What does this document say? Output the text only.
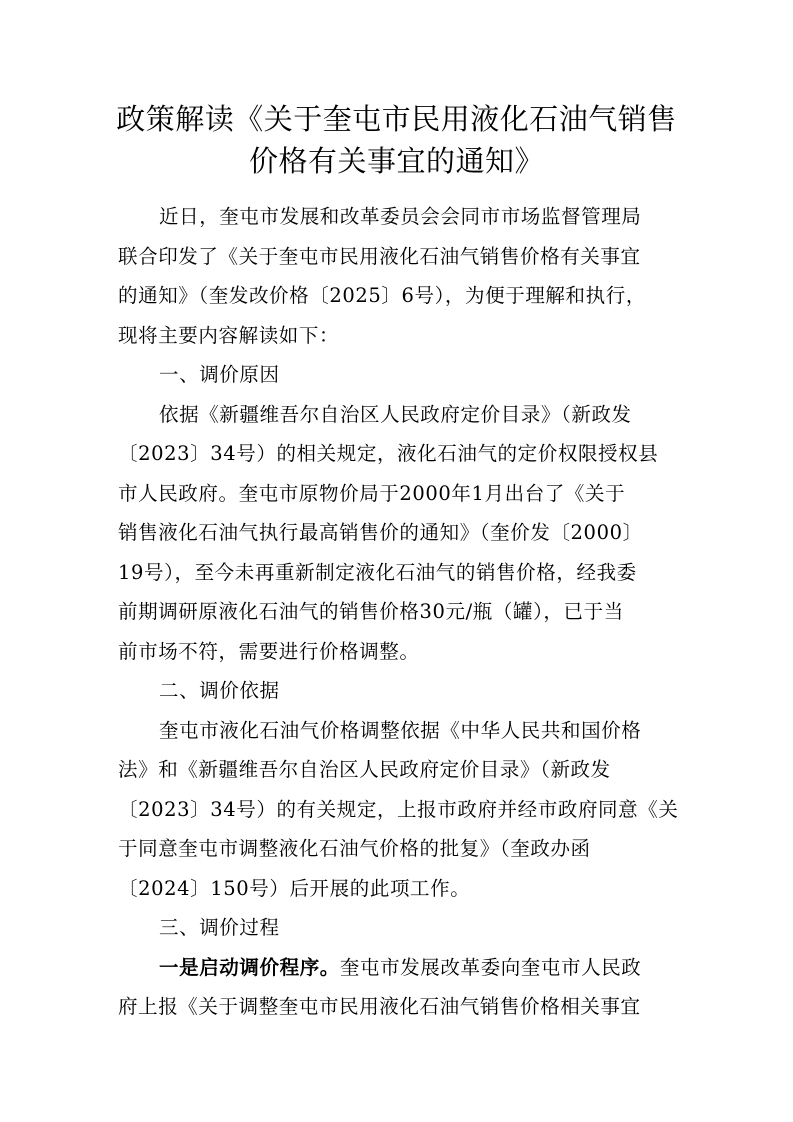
政策解读《关于奎屯市民用液化石油气销售
价格有关事宜的通知》
近日，奎屯市发展和改革委员会会同市市场监督管理局
联合印发了《关于奎屯市民用液化石油气销售价格有关事宜
的通知》（奎发改价格〔2025〕6号），为便于理解和执行，
现将主要内容解读如下：
一、调价原因
依据《新疆维吾尔自治区人民政府定价目录》（新政发
〔2023〕34号）的相关规定，液化石油气的定价权限授权县
市人民政府。奎屯市原物价局于2000年1月出台了《关于
销售液化石油气执行最高销售价的通知》（奎价发〔2000〕
19号），至今未再重新制定液化石油气的销售价格，经我委
前期调研原液化石油气的销售价格30元/瓶（罐），已于当
前市场不符，需要进行价格调整。
二、调价依据
奎屯市液化石油气价格调整依据《中华人民共和国价格
法》和《新疆维吾尔自治区人民政府定价目录》（新政发
〔2023〕34号）的有关规定，上报市政府并经市政府同意《关
于同意奎屯市调整液化石油气价格的批复》（奎政办函
〔2024〕150号）后开展的此项工作。
三、调价过程
一是启动调价程序。奎屯市发展改革委向奎屯市人民政
府上报《关于调整奎屯市民用液化石油气销售价格相关事宜
